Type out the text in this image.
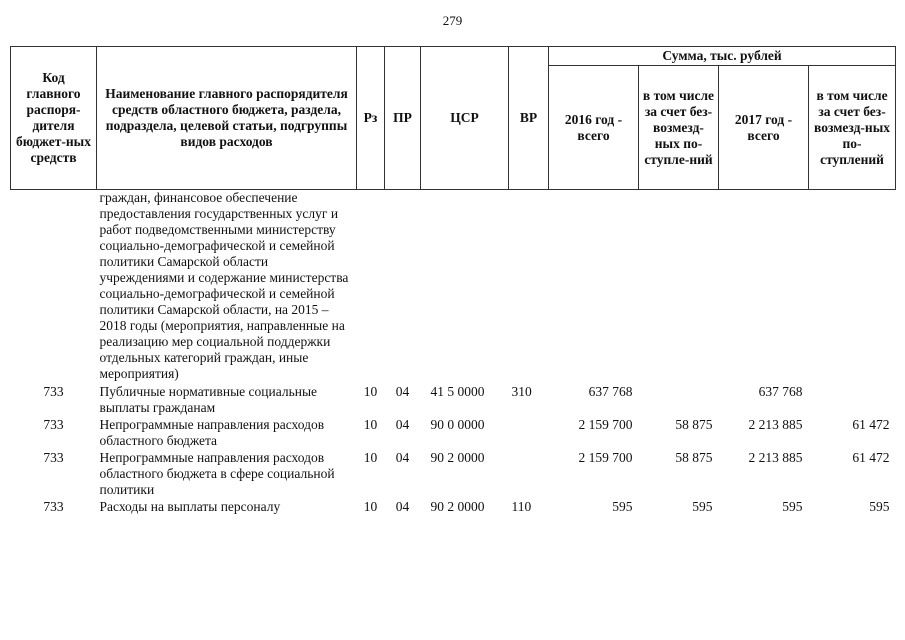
279
Код главного распоря-дителя бюджет-ных средств	Наименование главного распорядителя средств областного бюджета, раздела, подраздела, целевой статьи, подгруппы видов расходов	Рз	ПР	ЦСР	ВР	Сумма, тыс. рублей			
						2016 год - всего	в том числе за счет без-возмезд-ных по-ступле-ний	2017 год - всего	в том числе за счет без-возмезд-ных по-ступлений
	граждан, финансовое обеспечение предоставления государственных услуг и работ подведомственными министерству социально-демографической и семейной политики Самарской области учреждениями и содержание министерства социально-демографической и семейной политики Самарской области, на 2015 – 2018 годы (мероприятия, направленные на реализацию мер социальной поддержки отдельных категорий граждан, иные мероприятия)								
733	Публичные нормативные социальные выплаты гражданам	10	04	41 5 0000	310	637 768		637 768	
733	Непрограммные направления расходов областного бюджета	10	04	90 0 0000		2 159 700	58 875	2 213 885	61 472
733	Непрограммные направления расходов областного бюджета в сфере социальной политики	10	04	90 2 0000		2 159 700	58 875	2 213 885	61 472
733	Расходы на выплаты персоналу	10	04	90 2 0000	110	595	595	595	595
